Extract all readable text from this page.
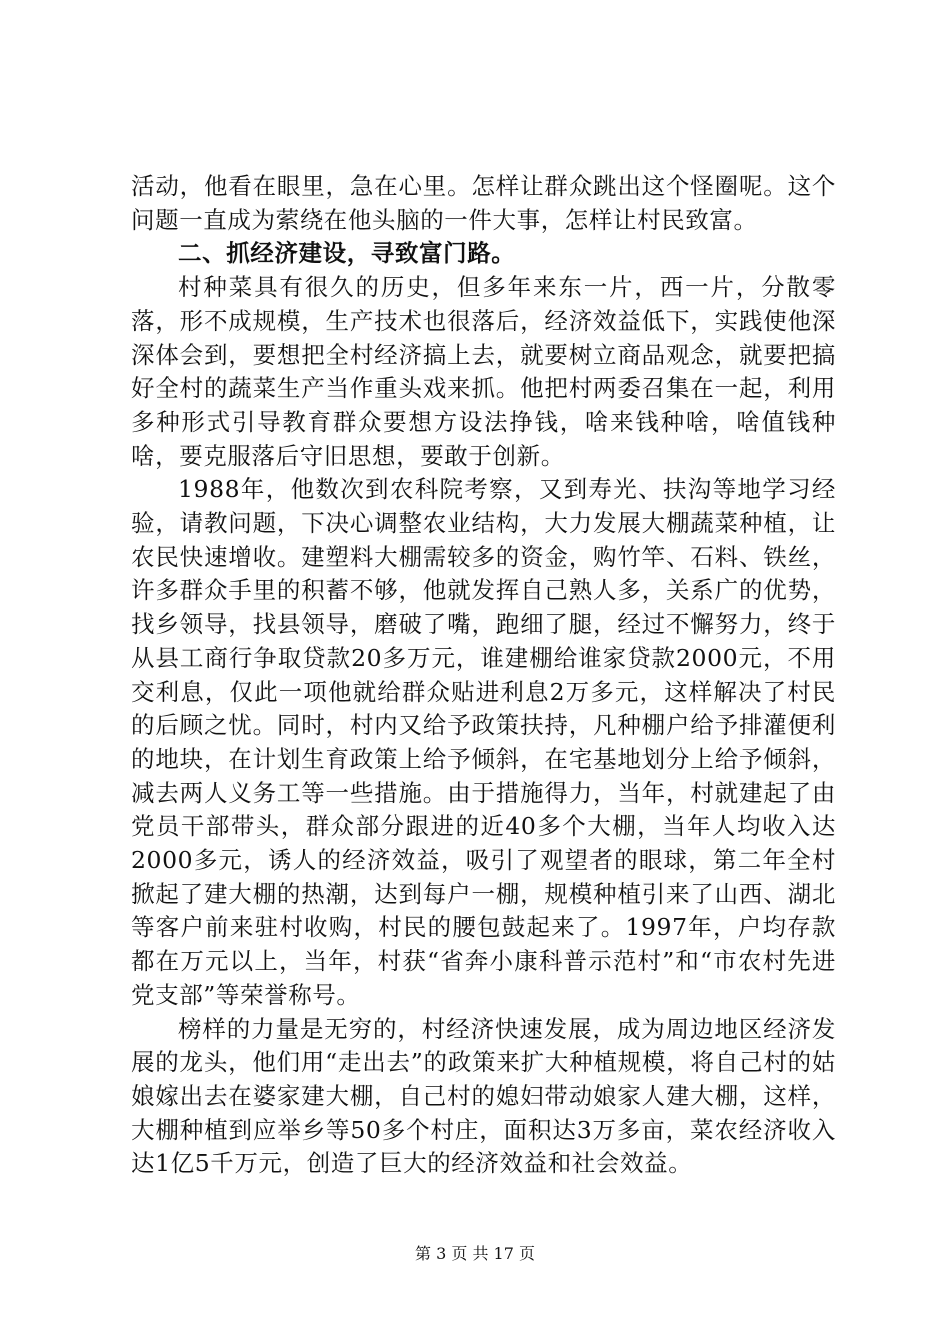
活动，他看在眼里，急在心里。怎样让群众跳出这个怪圈呢。这个问题一直成为萦绕在他头脑的一件大事，怎样让村民致富。

二、抓经济建设，寻致富门路。

村种菜具有很久的历史，但多年来东一片，西一片，分散零落，形不成规模，生产技术也很落后，经济效益低下，实践使他深深体会到，要想把全村经济搞上去，就要树立商品观念，就要把搞好全村的蔬菜生产当作重头戏来抓。他把村两委召集在一起，利用多种形式引导教育群众要想方设法挣钱，啥来钱种啥，啥值钱种啥，要克服落后守旧思想，要敢于创新。

1988年，他数次到农科院考察，又到寿光、扶沟等地学习经验，请教问题，下决心调整农业结构，大力发展大棚蔬菜种植，让农民快速增收。建塑料大棚需较多的资金，购竹竿、石料、铁丝，许多群众手里的积蓄不够，他就发挥自己熟人多，关系广的优势，找乡领导，找县领导，磨破了嘴，跑细了腿，经过不懈努力，终于从县工商行争取贷款20多万元，谁建棚给谁家贷款2000元，不用交利息，仅此一项他就给群众贴进利息2万多元，这样解决了村民的后顾之忧。同时，村内又给予政策扶持，凡种棚户给予排灌便利的地块，在计划生育政策上给予倾斜，在宅基地划分上给予倾斜，减去两人义务工等一些措施。由于措施得力，当年，村就建起了由党员干部带头，群众部分跟进的近40多个大棚，当年人均收入达2000多元，诱人的经济效益，吸引了观望者的眼球，第二年全村掀起了建大棚的热潮，达到每户一棚，规模种植引来了山西、湖北等客户前来驻村收购，村民的腰包鼓起来了。1997年，户均存款都在万元以上，当年，村获“省奔小康科普示范村”和“市农村先进党支部”等荣誉称号。

榜样的力量是无穷的，村经济快速发展，成为周边地区经济发展的龙头，他们用“走出去”的政策来扩大种植规模，将自己村的姑娘嫁出去在婆家建大棚，自己村的媳妇带动娘家人建大棚，这样，大棚种植到应举乡等50多个村庄，面积达3万多亩，菜农经济收入达1亿5千万元，创造了巨大的经济效益和社会效益。

第 3 页 共 17 页
